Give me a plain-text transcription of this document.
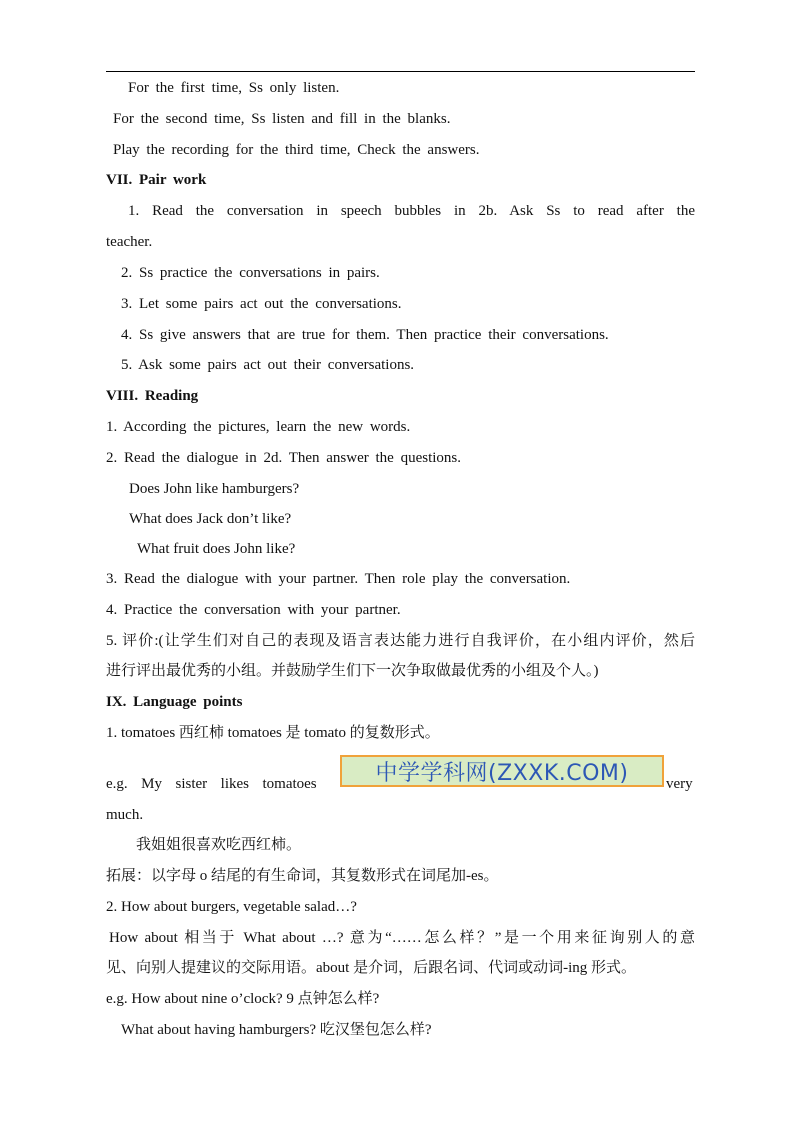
For the first time, Ss only listen.
For the second time, Ss listen and fill in the blanks.
Play the recording for the third time, Check the answers.
VII. Pair work
1. Read the conversation in speech bubbles in 2b. Ask Ss to read after the
teacher.
2. Ss practice the conversations in pairs.
3. Let some pairs act out the conversations.
4. Ss give answers that are true for them. Then practice their conversations.
5. Ask some pairs act out their conversations.
VIII. Reading
1. According the pictures, learn the new words.
2. Read the dialogue in 2d. Then answer the questions.
Does John like hamburgers?
What does Jack don’t like?
What fruit does John like?
3. Read the dialogue with your partner. Then role play the conversation.
4. Practice the conversation with your partner.
5. 评价:(让学生们对自己的表现及语言表达能力进行自我评价，在小组内评价，然后
进行评出最优秀的小组。并鼓励学生们下一次争取做最优秀的小组及个人。)
IX. Language points
1. tomatoes 西红柿 tomatoes 是 tomato 的复数形式。
e.g.  My  sister  likes  tomatoes	中学学科网(ZXXK.COM)	very
much.
我姐姐很喜欢吃西红柿。
拓展：以字母 o 结尾的有生命词，其复数形式在词尾加-es。
2. How about burgers, vegetable salad…?
How about 相当于 What about …? 意为“……怎么样？”是一个用来征询别人的意
见、向别人提建议的交际用语。about 是介词，后跟名词、代词或动词-ing 形式。
e.g. How about nine o’clock? 9 点钟怎么样?
What about having hamburgers? 吃汉堡包怎么样?
